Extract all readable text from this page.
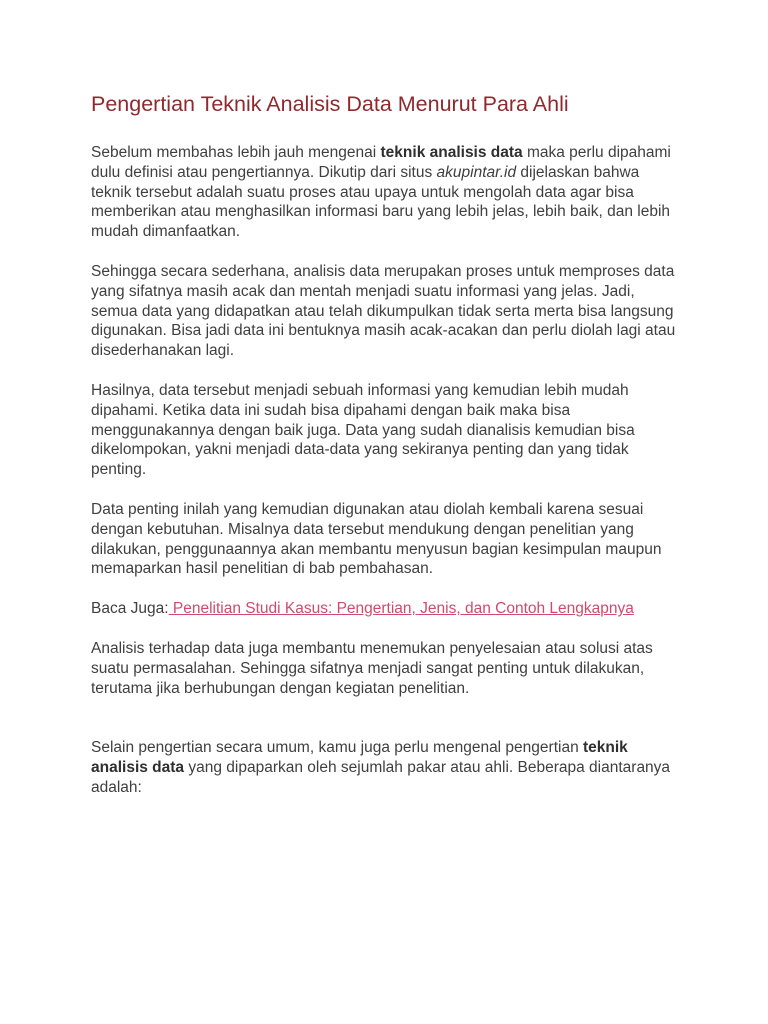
Pengertian Teknik Analisis Data Menurut Para Ahli

Sebelum membahas lebih jauh mengenai teknik analisis data maka perlu dipahami dulu definisi atau pengertiannya. Dikutip dari situs akupintar.id dijelaskan bahwa teknik tersebut adalah suatu proses atau upaya untuk mengolah data agar bisa memberikan atau menghasilkan informasi baru yang lebih jelas, lebih baik, dan lebih mudah dimanfaatkan.

Sehingga secara sederhana, analisis data merupakan proses untuk memproses data yang sifatnya masih acak dan mentah menjadi suatu informasi yang jelas. Jadi, semua data yang didapatkan atau telah dikumpulkan tidak serta merta bisa langsung digunakan. Bisa jadi data ini bentuknya masih acak-acakan dan perlu diolah lagi atau disederhanakan lagi.

Hasilnya, data tersebut menjadi sebuah informasi yang kemudian lebih mudah dipahami. Ketika data ini sudah bisa dipahami dengan baik maka bisa menggunakannya dengan baik juga. Data yang sudah dianalisis kemudian bisa dikelompokan, yakni menjadi data-data yang sekiranya penting dan yang tidak penting.

Data penting inilah yang kemudian digunakan atau diolah kembali karena sesuai dengan kebutuhan. Misalnya data tersebut mendukung dengan penelitian yang dilakukan, penggunaannya akan membantu menyusun bagian kesimpulan maupun memaparkan hasil penelitian di bab pembahasan.

Baca Juga: Penelitian Studi Kasus: Pengertian, Jenis, dan Contoh Lengkapnya

Analisis terhadap data juga membantu menemukan penyelesaian atau solusi atas suatu permasalahan. Sehingga sifatnya menjadi sangat penting untuk dilakukan, terutama jika berhubungan dengan kegiatan penelitian.

Selain pengertian secara umum, kamu juga perlu mengenal pengertian teknik analisis data yang dipaparkan oleh sejumlah pakar atau ahli. Beberapa diantaranya adalah:
